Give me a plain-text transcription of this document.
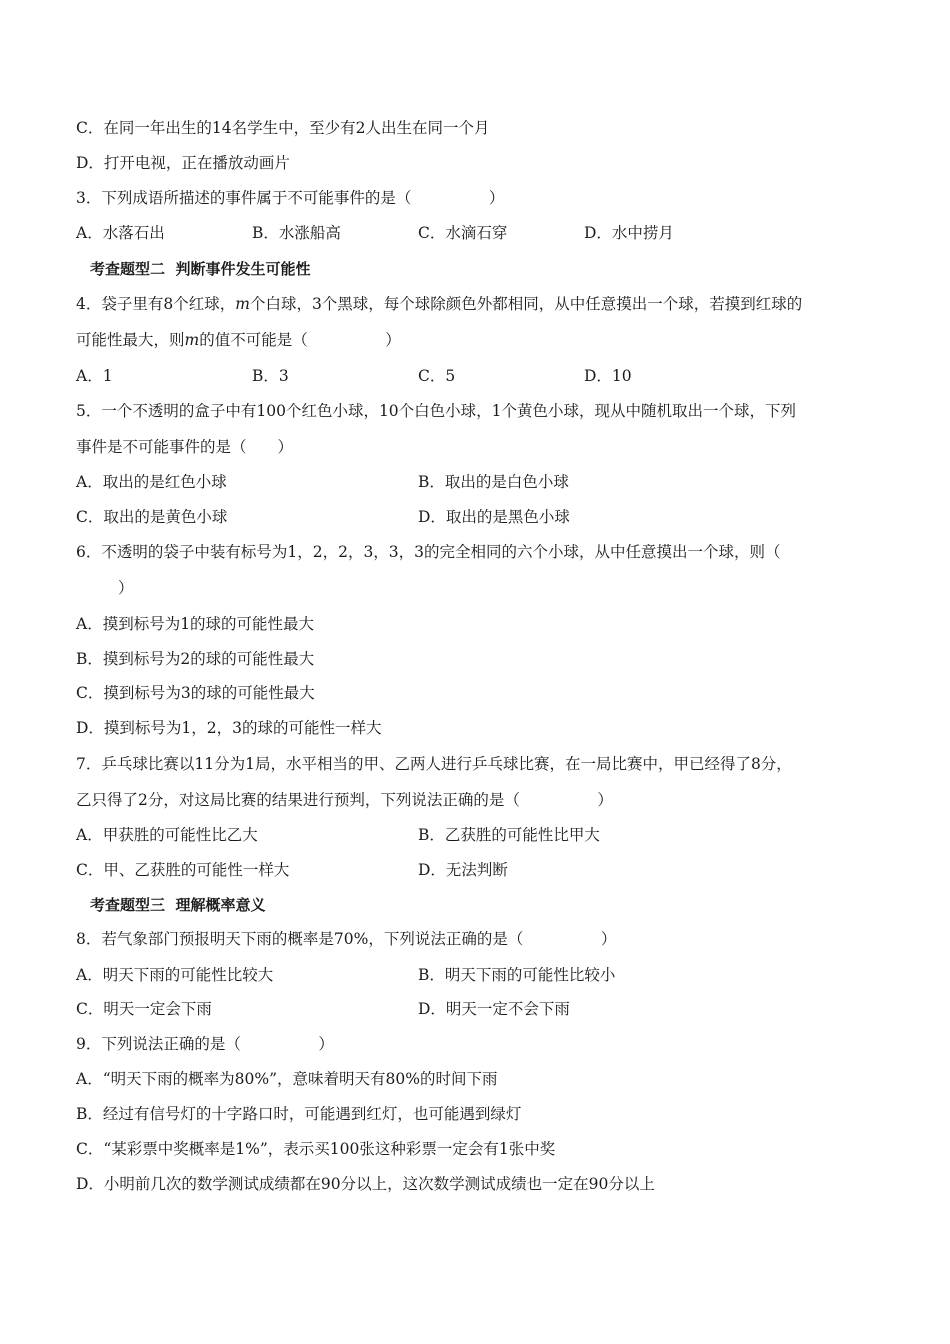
C．在同一年出生的14名学生中，至少有2人出生在同一个月
D．打开电视，正在播放动画片
3．下列成语所描述的事件属于不可能事件的是（　　　　　）
A．水落石出	B．水涨船高	C．水滴石穿	D．水中捞月
考查题型二  判断事件发生可能性
4．袋子里有8个红球，m个白球，3个黑球，每个球除颜色外都相同，从中任意摸出一个球，若摸到红球的
可能性最大，则m的值不可能是（　　　　　）
A．1	B．3	C．5	D．10
5．一个不透明的盒子中有100个红色小球，10个白色小球，1个黄色小球，现从中随机取出一个球，下列
事件是不可能事件的是（　　）
A．取出的是红色小球	B．取出的是白色小球
C．取出的是黄色小球	D．取出的是黑色小球
6．不透明的袋子中装有标号为1，2，2，3，3，3的完全相同的六个小球，从中任意摸出一个球，则（
）
A．摸到标号为1的球的可能性最大
B．摸到标号为2的球的可能性最大
C．摸到标号为3的球的可能性最大
D．摸到标号为1，2，3的球的可能性一样大
7．乒乓球比赛以11分为1局，水平相当的甲、乙两人进行乒乓球比赛，在一局比赛中，甲已经得了8分，
乙只得了2分，对这局比赛的结果进行预判，下列说法正确的是（　　　　　）
A．甲获胜的可能性比乙大	B．乙获胜的可能性比甲大
C．甲、乙获胜的可能性一样大	D．无法判断
考查题型三  理解概率意义
8．若气象部门预报明天下雨的概率是70%，下列说法正确的是（　　　　　）
A．明天下雨的可能性比较大	B．明天下雨的可能性比较小
C．明天一定会下雨	D．明天一定不会下雨
9．下列说法正确的是（　　　　　）
A．“明天下雨的概率为80%”，意味着明天有80%的时间下雨
B．经过有信号灯的十字路口时，可能遇到红灯，也可能遇到绿灯
C．“某彩票中奖概率是1%”，表示买100张这种彩票一定会有1张中奖
D．小明前几次的数学测试成绩都在90分以上，这次数学测试成绩也一定在90分以上
